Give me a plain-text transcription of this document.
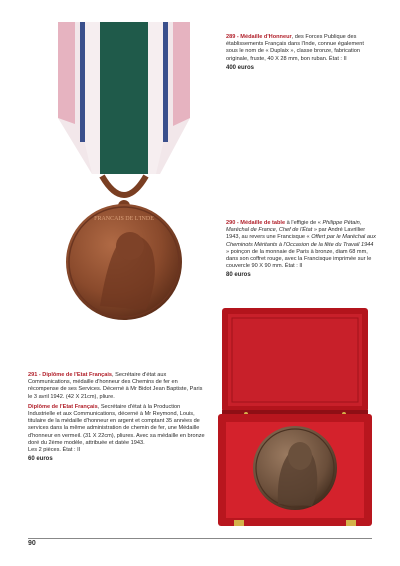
FRANCAIS DE L'INDE

289 - Médaille d'Honneur, des Forces Publique des établissements Français dans l'Inde, connue également sous le nom de « Duplaix », classe bronze, fabrication originale, fruste, 40 X 28 mm, bon ruban. État : II

400 euros

290 - Médaille de table à l'effigie de « Philippe Pétain, Maréchal de France, Chef de l'État » par André Lavrillier 1943, au revers une Francisque « Offert par le Maréchal aux Cheminots Méritants à l'Occasion de la fête du Travail 1944 » poinçon de la monnaie de Paris à bronze, diam 68 mm, dans son coffret rouge, avec la Francisque imprimée sur le couvercle 90 X 90 mm. État : II

80 euros

291 - Diplôme de l'Etat Français, Secrétaire d'état aux Communications, médaille d'honneur des Chemins de fer en récompense de ses Services. Décerné à Mr Bidot Jean Baptiste, Paris le 3 avril 1942. (42 X 21cm), pliure.

Diplôme de l'Etat Français, Secrétaire d'état à la Production Industrielle et aux Communications, décerné à Mr Reymond, Louis, titulaire de la médaille d'honneur en argent et comptant 35 années de services dans la même administration de chemin de fer, une Médaille d'honneur en vermeil. (31 X 22cm), pliures. Avec sa médaille en bronze doré du 2ème modèle, attribuée et datée 1943.

Les 2 pièces. État : II

60 euros
90
